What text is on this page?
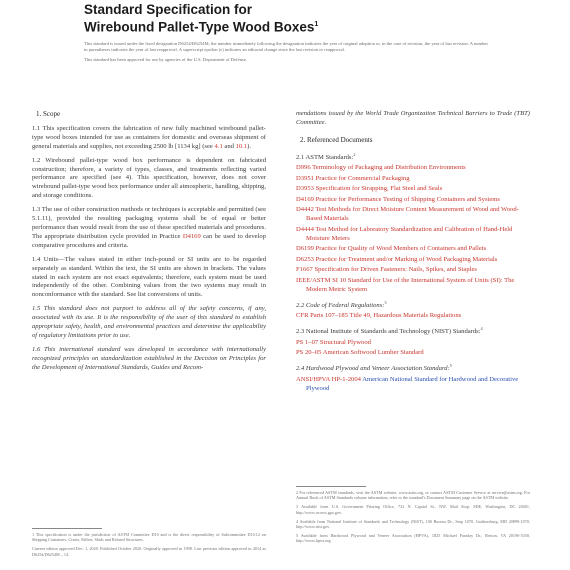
Standard Specification for
Wirebound Pallet-Type Wood Boxes$^1$

This standard is issued under the fixed designation D6254/D6254M; the number immediately following the designation indicates the year of original adoption or, in the case of revision, the year of last revision. A number in parentheses indicates the year of last reapproval. A superscript epsilon (ε) indicates an editorial change since the last revision or reapproval.

This standard has been approved for use by agencies of the U.S. Department of Defense.

1. Scope

1.1 This specification covers the fabrication of new fully machined wirebound pallet-type wood boxes intended for use as containers for domestic and overseas shipment of general materials and supplies, not exceeding 2500 lb [1134 kg] (see 4.1 and 10.1).

1.2 Wirebound pallet-type wood box performance is dependent on fabricated construction; therefore, a variety of types, classes, and treatments reflecting varied performance are specified (see 4). This specification, however, does not cover wirebound pallet-type wood box performance under all atmospheric, handling, shipping, and storage conditions.

1.3 The use of other construction methods or techniques is acceptable and permitted (see 5.1.11), provided the resulting packaging systems shall be of equal or better performance than would result from the use of these specified materials and procedures. The appropriate distribution cycle provided in Practice D4169 can be used to develop comparative procedures and criteria.

1.4 Units—The values stated in either inch-pound or SI units are to be regarded separately as standard. Within the text, the SI units are shown in brackets. The values stated in each system are not exact equivalents; therefore, each system must be used independently of the other. Combining values from the two systems may result in nonconformance with the standard. See list conversions of units.

1.5 This standard does not purport to address all of the safety concerns, if any, associated with its use. It is the responsibility of the user of this standard to establish appropriate safety, health, and environmental practices and determine the applicability of regulatory limitations prior to use.

1.6 This international standard was developed in accordance with internationally recognized principles on standardization established in the Decision on Principles for the Development of International Standards, Guides and Recom-

mendations issued by the World Trade Organization Technical Barriers to Trade (TBT) Committee.

2. Referenced Documents
2.1 ASTM Standards:$^2$
D996 Terminology of Packaging and Distribution Environments
D3951 Practice for Commercial Packaging
D3953 Specification for Strapping, Flat Steel and Seals
D4169 Practice for Performance Testing of Shipping Containers and Systems
D4442 Test Methods for Direct Moisture Content Measurement of Wood and Wood-Based Materials
D4444 Test Method for Laboratory Standardization and Calibration of Hand-Held Moisture Meters
D6199 Practice for Quality of Wood Members of Containers and Pallets
D6253 Practice for Treatment and/or Marking of Wood Packaging Materials
F1667 Specification for Driven Fasteners: Nails, Spikes, and Staples
IEEE/ASTM SI 10 Standard for Use of the International System of Units (SI): The Modern Metric System
2.2 Code of Federal Regulations:$^3$
CFR Parts 107–185 Title 49, Hazardous Materials Regulations
2.3 National Institute of Standards and Technology (NIST) Standards:$^4$
PS 1–07 Structural Plywood
PS 20–05 American Softwood Lumber Standard
2.4 Hardwood Plywood and Veneer Association Standard:$^5$
ANSI/HPVA HP-1-2004 American National Standard for Hardwood and Decorative Plywood

1 This specification is under the jurisdiction of ASTM Committee D10 and is the direct responsibility of Subcommittee D10.12 on Shipping Containers, Crates, Pallets, Skids and Related Structures.

Current edition approved Dec. 1, 2020. Published October 2020. Originally approved in 1998. Last previous edition approved in 2014 as D6254/D6254M – 14.

2 For referenced ASTM standards, visit the ASTM website, www.astm.org, or contact ASTM Customer Service at service@astm.org. For Annual Book of ASTM Standards volume information, refer to the standard's Document Summary page on the ASTM website.

3 Available from U.S. Government Printing Office, 732 N. Capitol St., NW, Mail Stop: SDE, Washington, DC 20401, http://www.access.gpo.gov.

4 Available from National Institute of Standards and Technology (NIST), 100 Bureau Dr., Stop 1070, Gaithersburg, MD 20899-1070, http://www.nist.gov.

5 Available from Hardwood Plywood and Veneer Association (HPVA), 1825 Michael Faraday Dr., Reston, VA 20190-5350, http://www.hpva.org.
